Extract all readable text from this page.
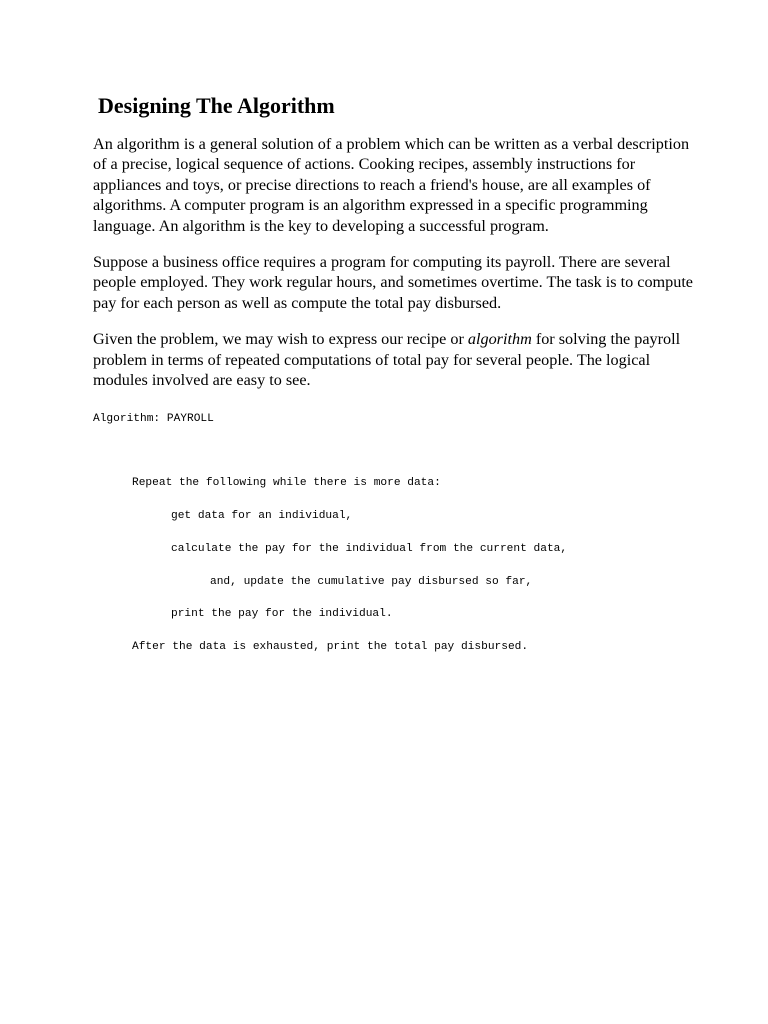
Designing The Algorithm

An algorithm is a general solution of a problem which can be written as a verbal description of a precise, logical sequence of actions. Cooking recipes, assembly instructions for appliances and toys, or precise directions to reach a friend's house, are all examples of algorithms. A computer program is an algorithm expressed in a specific programming language. An algorithm is the key to developing a successful program.

Suppose a business office requires a program for computing its payroll. There are several people employed. They work regular hours, and sometimes overtime. The task is to compute pay for each person as well as compute the total pay disbursed.

Given the problem, we may wish to express our recipe or algorithm for solving the payroll problem in terms of repeated computations of total pay for several people. The logical modules involved are easy to see.

Algorithm: PAYROLL
Repeat the following while there is more data:
get data for an individual,
calculate the pay for the individual from the current data,
and, update the cumulative pay disbursed so far,
print the pay for the individual.
After the data is exhausted, print the total pay disbursed.
